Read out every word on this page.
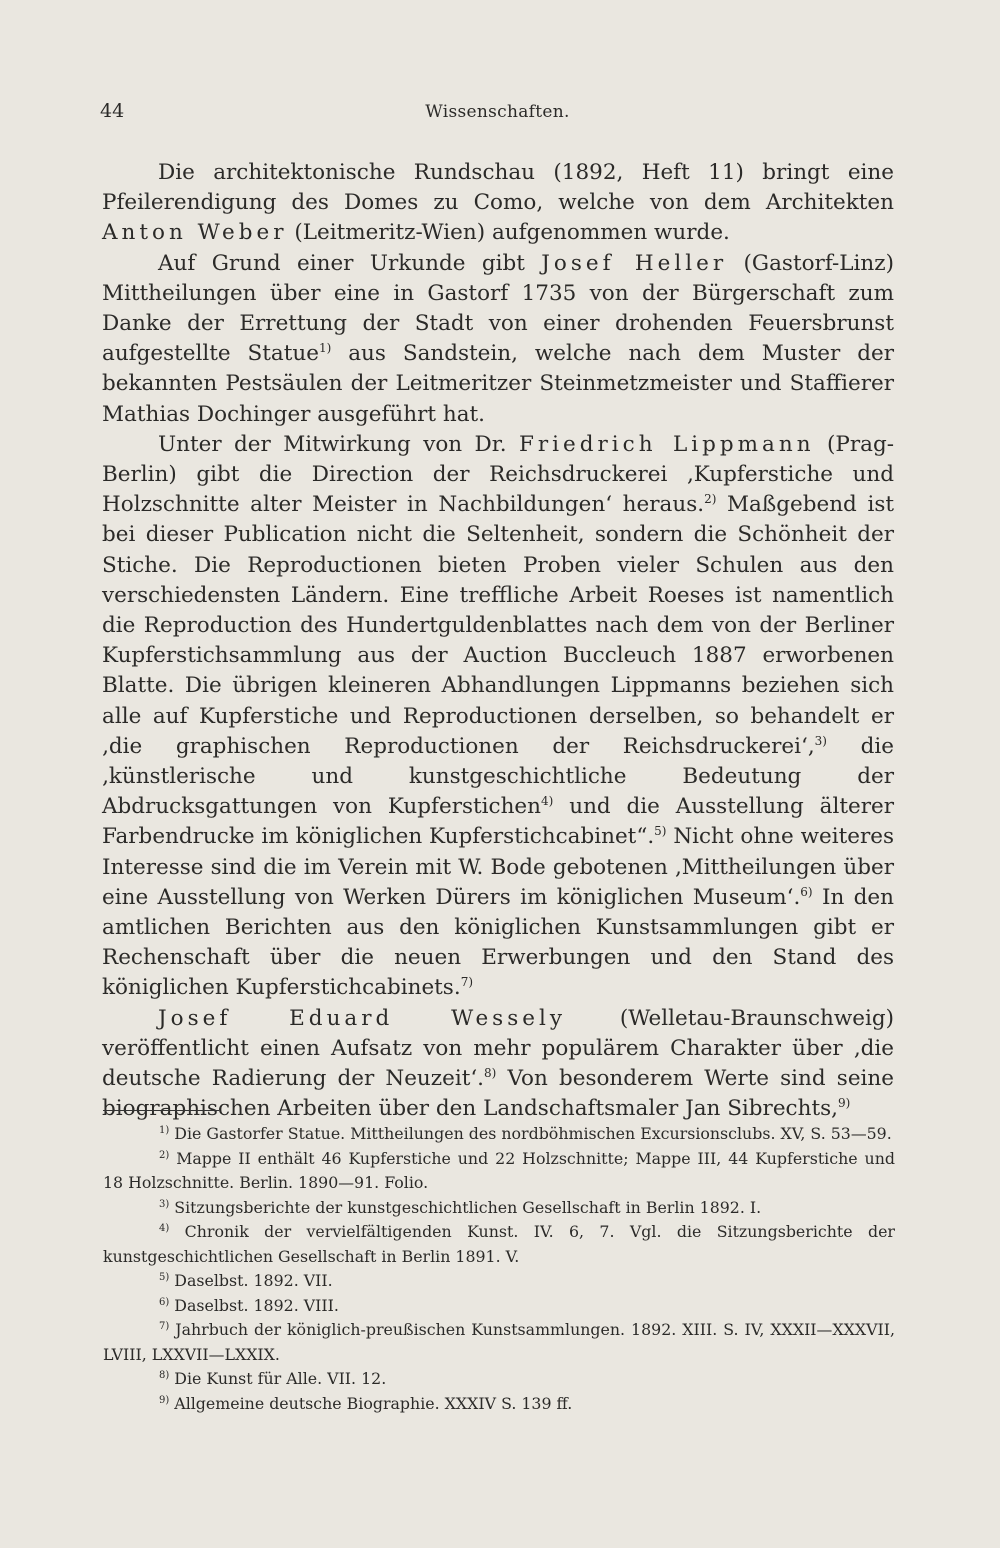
44	Wissenschaften.

Die architektonische Rundschau (1892, Heft 11) bringt eine Pfeilerendigung des Domes zu Como, welche von dem Architekten Anton Weber (Leitmeritz-Wien) aufgenommen wurde.

Auf Grund einer Urkunde gibt Josef Heller (Gastorf-Linz) Mittheilungen über eine in Gastorf 1735 von der Bürgerschaft zum Danke der Errettung der Stadt von einer drohenden Feuersbrunst aufgestellte Statue$^{1)}$ aus Sandstein, welche nach dem Muster der bekannten Pestsäulen der Leitmeritzer Steinmetzmeister und Staffierer Mathias Dochinger ausgeführt hat.

Unter der Mitwirkung von Dr. Friedrich Lippmann (Prag-Berlin) gibt die Direction der Reichsdruckerei ‚Kupferstiche und Holzschnitte alter Meister in Nachbildungen‘ heraus.$^{2)}$ Maßgebend ist bei dieser Publication nicht die Seltenheit, sondern die Schönheit der Stiche. Die Reproductionen bieten Proben vieler Schulen aus den verschiedensten Ländern. Eine treffliche Arbeit Roeses ist namentlich die Reproduction des Hundertguldenblattes nach dem von der Berliner Kupferstichsammlung aus der Auction Buccleuch 1887 erworbenen Blatte. Die übrigen kleineren Abhandlungen Lippmanns beziehen sich alle auf Kupferstiche und Reproductionen derselben, so behandelt er ‚die graphischen Reproductionen der Reichsdruckerei‘,$^{3)}$ die ‚künstlerische und kunstgeschichtliche Bedeutung der Abdrucksgattungen von Kupferstichen$^{4)}$ und die Ausstellung älterer Farbendrucke im königlichen Kupferstichcabinet“.$^{5)}$ Nicht ohne weiteres Interesse sind die im Verein mit W. Bode gebotenen ‚Mittheilungen über eine Ausstellung von Werken Dürers im königlichen Museum‘.$^{6)}$ In den amtlichen Berichten aus den königlichen Kunstsammlungen gibt er Rechenschaft über die neuen Erwerbungen und den Stand des königlichen Kupferstichcabinets.$^{7)}$

Josef Eduard Wessely	(Welletau-Braunschweig) veröffentlicht einen Aufsatz von mehr populärem Charakter über ‚die deutsche Radierung der Neuzeit‘.$^{8)}$ Von besonderem Werte sind seine biographischen Arbeiten über den Landschaftsmaler Jan Sibrechts,$^{9)}$

$^{1)}$ Die Gastorfer Statue. Mittheilungen des nordböhmischen Excursionsclubs. XV, S. 53—59.

$^{2)}$ Mappe II enthält 46 Kupferstiche und 22 Holzschnitte; Mappe III, 44 Kupferstiche und 18 Holzschnitte. Berlin. 1890—91. Folio.

$^{3)}$ Sitzungsberichte der kunstgeschichtlichen Gesellschaft in Berlin 1892. I.

$^{4)}$ Chronik der vervielfältigenden Kunst. IV. 6, 7. Vgl. die Sitzungsberichte der kunstgeschichtlichen Gesellschaft in Berlin 1891. V.

$^{5)}$ Daselbst. 1892. VII.

$^{6)}$ Daselbst. 1892. VIII.

$^{7)}$ Jahrbuch der königlich-preußischen Kunstsammlungen. 1892. XIII. S. IV, XXXII—XXXVII, LVIII, LXXVII—LXXIX.

$^{8)}$ Die Kunst für Alle. VII. 12.

$^{9)}$ Allgemeine deutsche Biographie. XXXIV S. 139 ff.
